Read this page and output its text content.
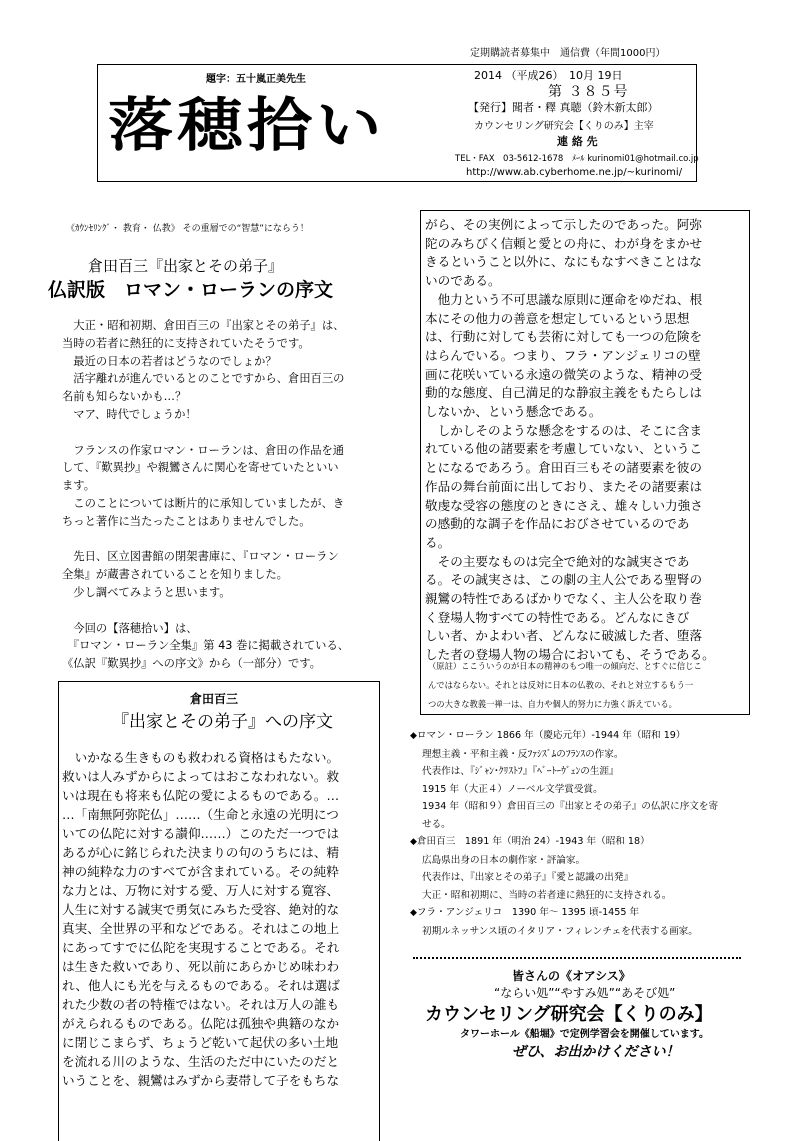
定期購読者募集中　通信費（年間1000円）
題字：五十嵐正美先生
落穂拾い
2014 （平成26）　10月 19日
第 ３８５号
【発行】聞者・釋 真聴（鈴木新太郎）
カウンセリング研究会【くりのみ】主宰
連 絡 先
TEL・FAX　03-5612-1678　ﾒｰﾙ kurinomi01@hotmail.co.jp
http://www.ab.cyberhome.ne.jp/~kurinomi/
《ｶｳﾝｾﾘﾝｸﾞ・ 教育・ 仏教》 その重層での“智慧”にならう！
倉田百三『出家とその弟子』
仏訳版　ロマン・ローランの序文
　大正・昭和初期、倉田百三の『出家とその弟子』は、
当時の若者に熱狂的に支持されていたそうです。
　最近の日本の若者はどうなのでしょか？
　活字離れが進んでいるとのことですから、倉田百三の
名前も知らないかも…？
　マア、時代でしょうか！

　フランスの作家ロマン・ローランは、倉田の作品を通
して、『歎異抄』や親鸞さんに関心を寄せていたといい
ます。
　このことについては断片的に承知していましたが、き
ちっと著作に当たったことはありませんでした。

　先日、区立図書館の閉架書庫に、『ロマン・ローラン
全集』が蔵書されていることを知りました。
　少し調べてみようと思います。

　今回の【落穂拾い】は、
　『ロマン・ローラン全集』第 43 巻に掲載されている、
《仏訳『歎異抄』への序文》から（一部分）です。
倉田百三
『出家とその弟子』への序文
　いかなる生きものも救われる資格はもたない。
救いは人みずからによってはおこなわれない。救
いは現在も将来も仏陀の愛によるものである。…
…「南無阿弥陀仏」……（生命と永遠の光明につ
いての仏陀に対する讃仰……）このただ一つでは
あるが心に銘じられた決まりの句のうちには、精
神の純粋な力のすべてが含まれている。その純粋
な力とは、万物に対する愛、万人に対する寛容、
人生に対する誠実で勇気にみちた受容、絶対的な
真実、全世界の平和などである。それはこの地上
にあってすでに仏陀を実現することである。それ
は生きた救いであり、死以前にあらかじめ味わわ
れ、他人にも光を与えるものである。それは選ば
れた少数の者の特権ではない。それは万人の誰も
がえられるものである。仏陀は孤独や典籍のなか
に閉じこまらず、ちょうど乾いて起伏の多い土地
を流れる川のような、生活のただ中にいたのだと
いうことを、親鸞はみずから妻帯して子をもちな
がら、その実例によって示したのであった。阿弥
陀のみちびく信頼と愛との舟に、わが身をまかせ
きるということ以外に、なにもなすべきことはな
いのである。
　他力という不可思議な原則に運命をゆだね、根
本にその他力の善意を想定しているという思想
は、行動に対しても芸術に対しても一つの危険を
はらんでいる。つまり、フラ・アンジェリコの壁
画に花咲いている永遠の微笑のような、精神の受
動的な態度、自己満足的な静寂主義をもたらしは
しないか、という懸念である。
　しかしそのような懸念をするのは、そこに含ま
れている他の諸要素を考慮していない、というこ
とになるであろう。倉田百三もその諸要素を彼の
作品の舞台前面に出しており、またその諸要素は
敬虔な受容の態度のときにさえ、雄々しい力強さ
の感動的な調子を作品におびさせているのであ
る。
　その主要なものは完全で絶対的な誠実さであ
る。その誠実さは、この劇の主人公である聖腎の
親鸞の特性であるばかりでなく、主人公を取り巻
く登場人物すべての特性である。どんなにきび
しい者、かよわい者、どんなに破滅した者、堕落
した者の登場人物の場合においても、そうである。
（原註）ここういうのが日本の精神のもつ唯一の傾向だ、とすぐに信じこ
んではならない。それとは反対に日本の仏教の、それと対立するもう一
つの大きな教義一禅一は、自力や個人的努力に力強く訴えている。
◆ロマン・ローラン 1866 年（慶応元年）-1944 年（昭和 19）
理想主義・平和主義・反ﾌｧｼｽﾞﾑのﾌﾗﾝｽの作家。
代表作は、『ｼﾞｬﾝ･ｸﾘｽﾄﾌ』『ﾍﾞｰﾄｰｳﾞｪﾝの生涯』
1915 年（大正４）ノーベル文学賞受賞。
1934 年（昭和９）倉田百三の『出家とその弟子』の仏訳に序文を寄
せる。
◆倉田百三　1891 年（明治 24）-1943 年（昭和 18）
広島県出身の日本の劇作家・評論家。
代表作は、『出家とその弟子』『愛と認識の出発』
大正・昭和初期に、当時の若者達に熱狂的に支持される。
◆フラ・アンジェリコ　1390 年～ 1395 頃-1455 年
初期ルネッサンス頃のイタリア・フィレンチェを代表する画家。
皆さんの《オアシス》
“ならい処”“やすみ処”“あそび処”
カウンセリング研究会【くりのみ】
タワーホール《船堀》で定例学習会を開催しています。
ぜひ、お出かけください！
